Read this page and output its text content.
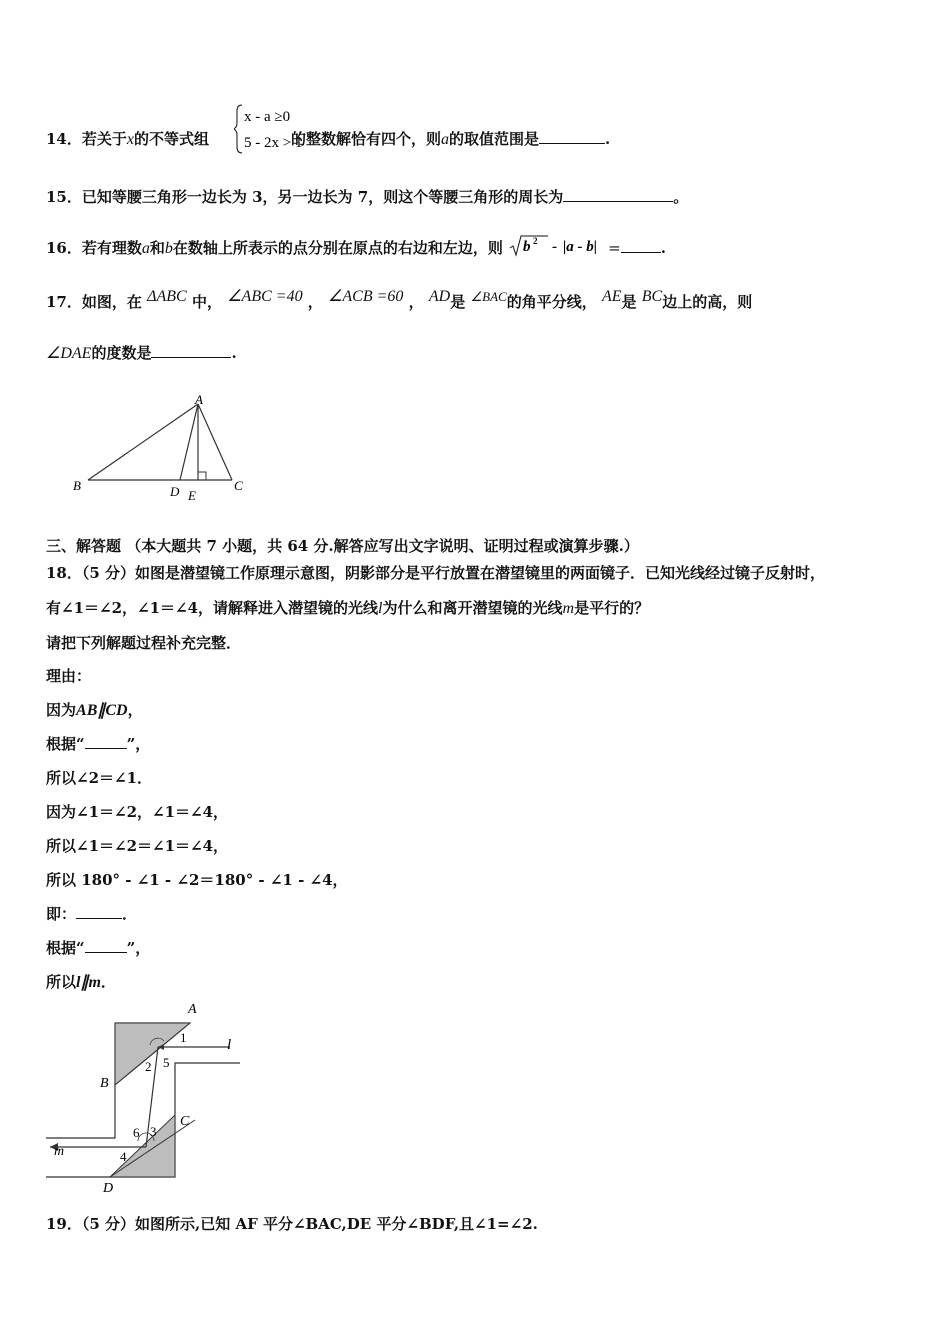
14．若关于x的不等式组	的整数解恰有四个，则a的取值范围是	.
x - a ≥0
5 - 2x > 1
15．已知等腰三角形一边长为 3，另一边长为 7，则这个等腰三角形的周长为	。
16．若有理数a和b在数轴上所表示的点分别在原点的右边和左边，则 b 2 - |a - b| =	.
17．如图，在 ΔABC 中， ∠ABC =40 ， ∠ACB =60 ， AD是 ∠BAC的角平分线， AE是 BC边上的高，则
∠DAE的度数是	.
A
B	D E
C
三、解答题 （本大题共 7 小题，共 64 分.解答应写出文字说明、证明过程或演算步骤.）
18．（5 分）如图是潜望镜工作原理示意图，阴影部分是平行放置在潜望镜里的两面镜子．已知光线经过镜子反射时，
有∠1＝∠2，∠1＝∠4，请解释进入潜望镜的光线l为什么和离开潜望镜的光线m是平行的？
请把下列解题过程补充完整．
理由：
因为AB∥CD，
根据“	”，
所以∠2＝∠1．
因为∠1＝∠2，∠1＝∠4，
所以∠1＝∠2＝∠1＝∠4，
所以 180° - ∠1 - ∠2＝180° - ∠1 - ∠4，
即：	．
根据“	”，
所以l∥m．
A
1	l
2 5
B
C
6 3
m	4
D
19．（5 分）如图所示,已知 AF 平分∠BAC,DE 平分∠BDF,且∠1=∠2.
